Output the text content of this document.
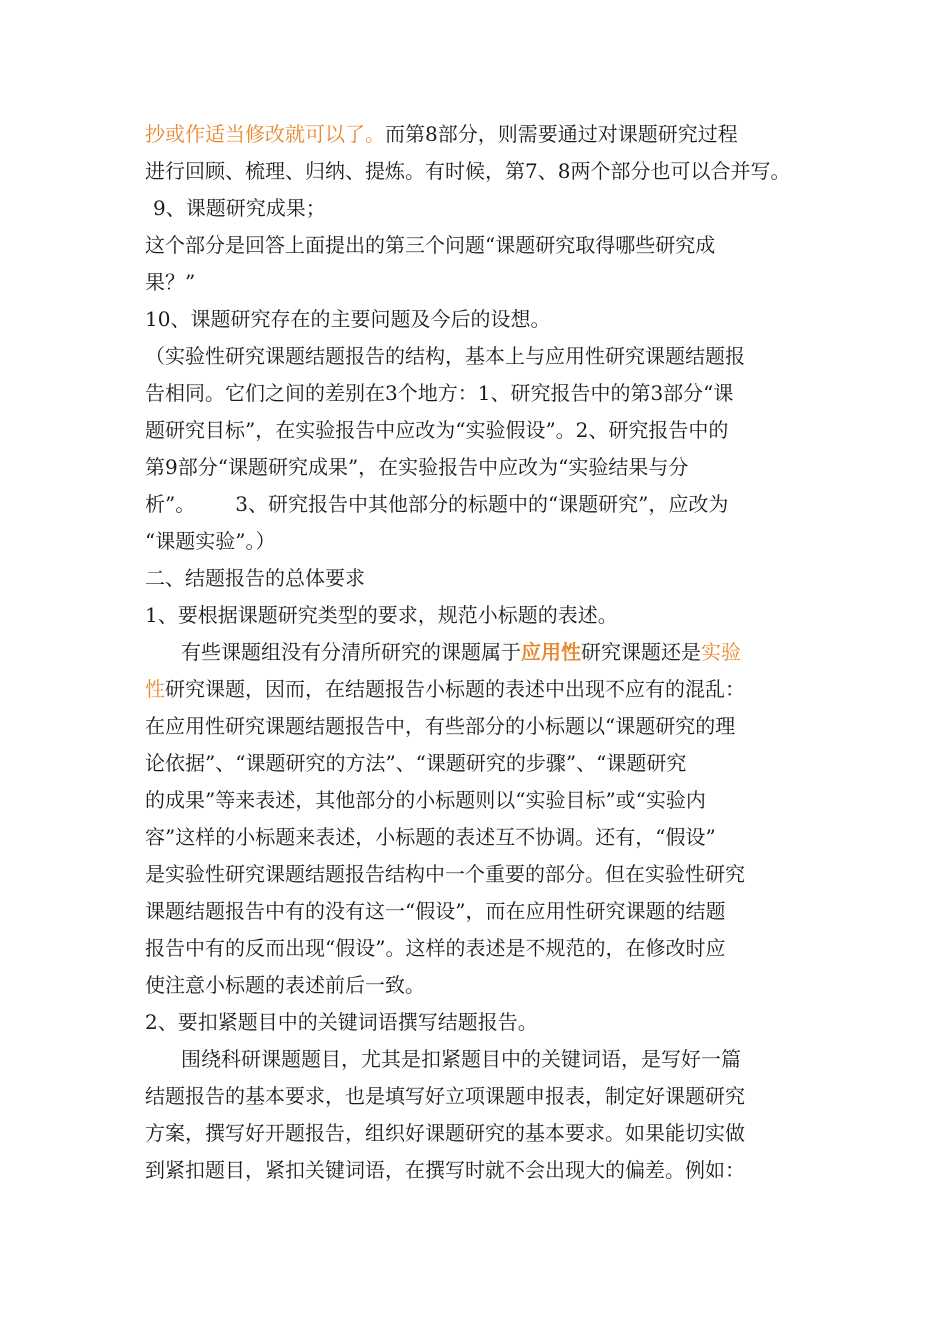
抄或作适当修改就可以了。而第8部分，则需要通过对课题研究过程
进行回顾、梳理、归纳、提炼。有时候，第7、8两个部分也可以合并写。
9、课题研究成果；
这个部分是回答上面提出的第三个问题“课题研究取得哪些研究成
果？”
10、课题研究存在的主要问题及今后的设想。
（实验性研究课题结题报告的结构，基本上与应用性研究课题结题报
告相同。它们之间的差别在3个地方：1、研究报告中的第3部分“课
题研究目标”，在实验报告中应改为“实验假设”。2、研究报告中的
第9部分“课题研究成果”，在实验报告中应改为“实验结果与分
析”。 3、研究报告中其他部分的标题中的“课题研究”，应改为
“课题实验”。）
二、结题报告的总体要求
1、要根据课题研究类型的要求，规范小标题的表述。
有些课题组没有分清所研究的课题属于应用性研究课题还是实验
性研究课题，因而，在结题报告小标题的表述中出现不应有的混乱：
在应用性研究课题结题报告中，有些部分的小标题以“课题研究的理
论依据”、“课题研究的方法”、“课题研究的步骤”、“课题研究
的成果”等来表述，其他部分的小标题则以“实验目标”或“实验内
容”这样的小标题来表述，小标题的表述互不协调。还有，“假设”
是实验性研究课题结题报告结构中一个重要的部分。但在实验性研究
课题结题报告中有的没有这一“假设”，而在应用性研究课题的结题
报告中有的反而出现“假设”。这样的表述是不规范的，在修改时应
使注意小标题的表述前后一致。
2、要扣紧题目中的关键词语撰写结题报告。
围绕科研课题题目，尤其是扣紧题目中的关键词语，是写好一篇
结题报告的基本要求，也是填写好立项课题申报表，制定好课题研究
方案，撰写好开题报告，组织好课题研究的基本要求。如果能切实做
到紧扣题目，紧扣关键词语，在撰写时就不会出现大的偏差。例如：
